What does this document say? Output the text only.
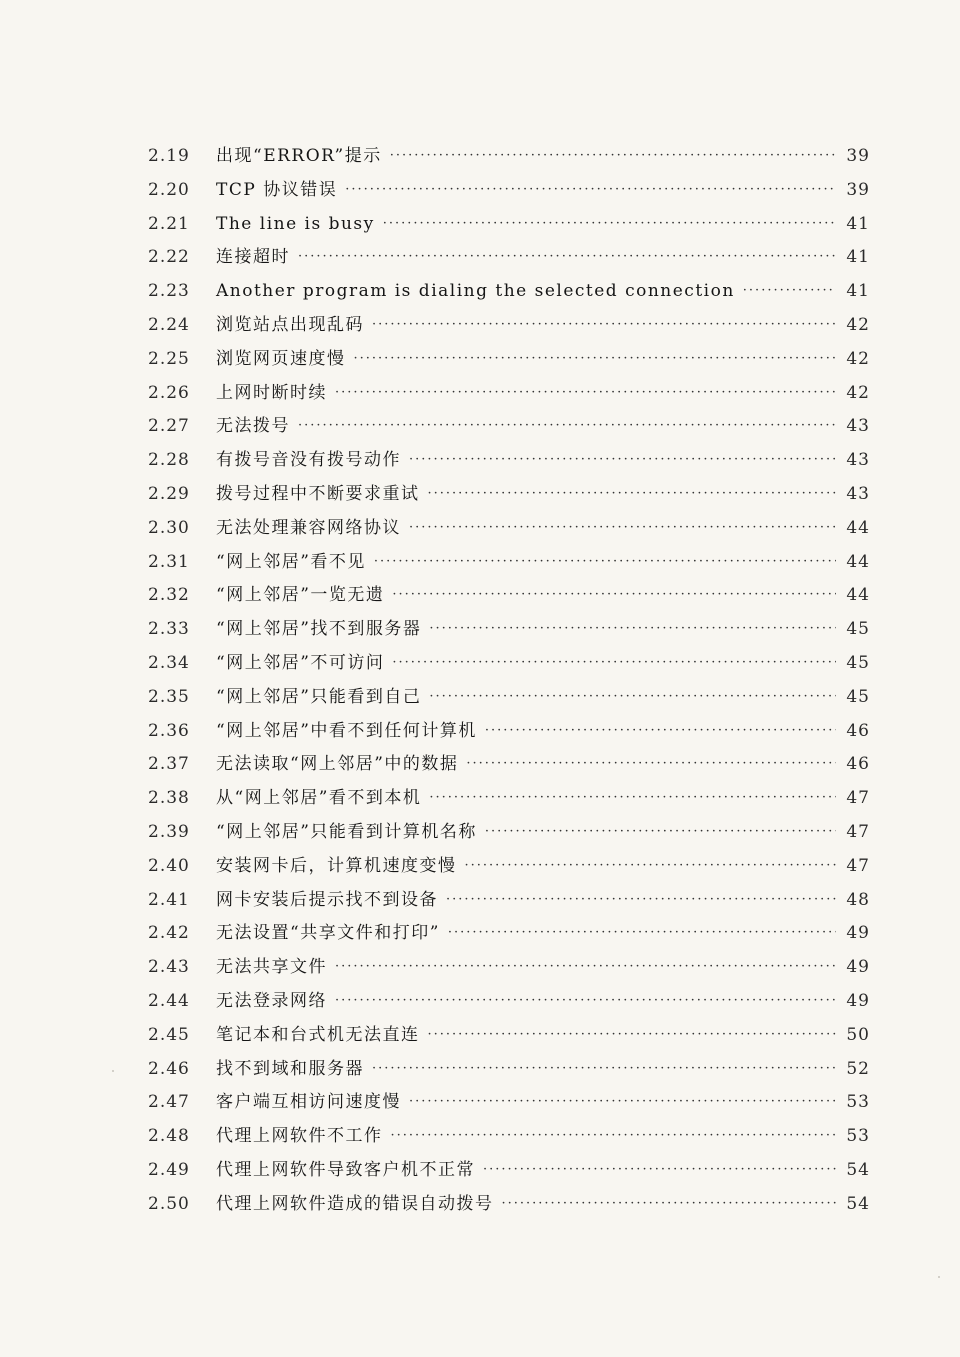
2.19	出现“ERROR”提示 ·····	39
2.20	TCP 协议错误 ·····	39
2.21	The line is busy ·····	41
2.22	连接超时 ·····	41
2.23	Another program is dialing the selected connection ·····	41
2.24	浏览站点出现乱码 ·····	42
2.25	浏览网页速度慢 ·····	42
2.26	上网时断时续 ·····	42
2.27	无法拨号 ·····	43
2.28	有拨号音没有拨号动作 ·····	43
2.29	拨号过程中不断要求重试 ·····	43
2.30	无法处理兼容网络协议 ·····	44
2.31	“网上邻居”看不见 ·····	44
2.32	“网上邻居”一览无遗 ·····	44
2.33	“网上邻居”找不到服务器 ·····	45
2.34	“网上邻居”不可访问 ·····	45
2.35	“网上邻居”只能看到自己 ·····	45
2.36	“网上邻居”中看不到任何计算机 ·····	46
2.37	无法读取“网上邻居”中的数据 ·····	46
2.38	从“网上邻居”看不到本机 ·····	47
2.39	“网上邻居”只能看到计算机名称 ·····	47
2.40	安装网卡后，计算机速度变慢 ·····	47
2.41	网卡安装后提示找不到设备 ·····	48
2.42	无法设置“共享文件和打印” ·····	49
2.43	无法共享文件 ·····	49
2.44	无法登录网络 ·····	49
2.45	笔记本和台式机无法直连 ·····	50
2.46	找不到域和服务器 ·····	52
2.47	客户端互相访问速度慢 ·····	53
2.48	代理上网软件不工作 ·····	53
2.49	代理上网软件导致客户机不正常 ·····	54
2.50	代理上网软件造成的错误自动拨号 ·····	54
